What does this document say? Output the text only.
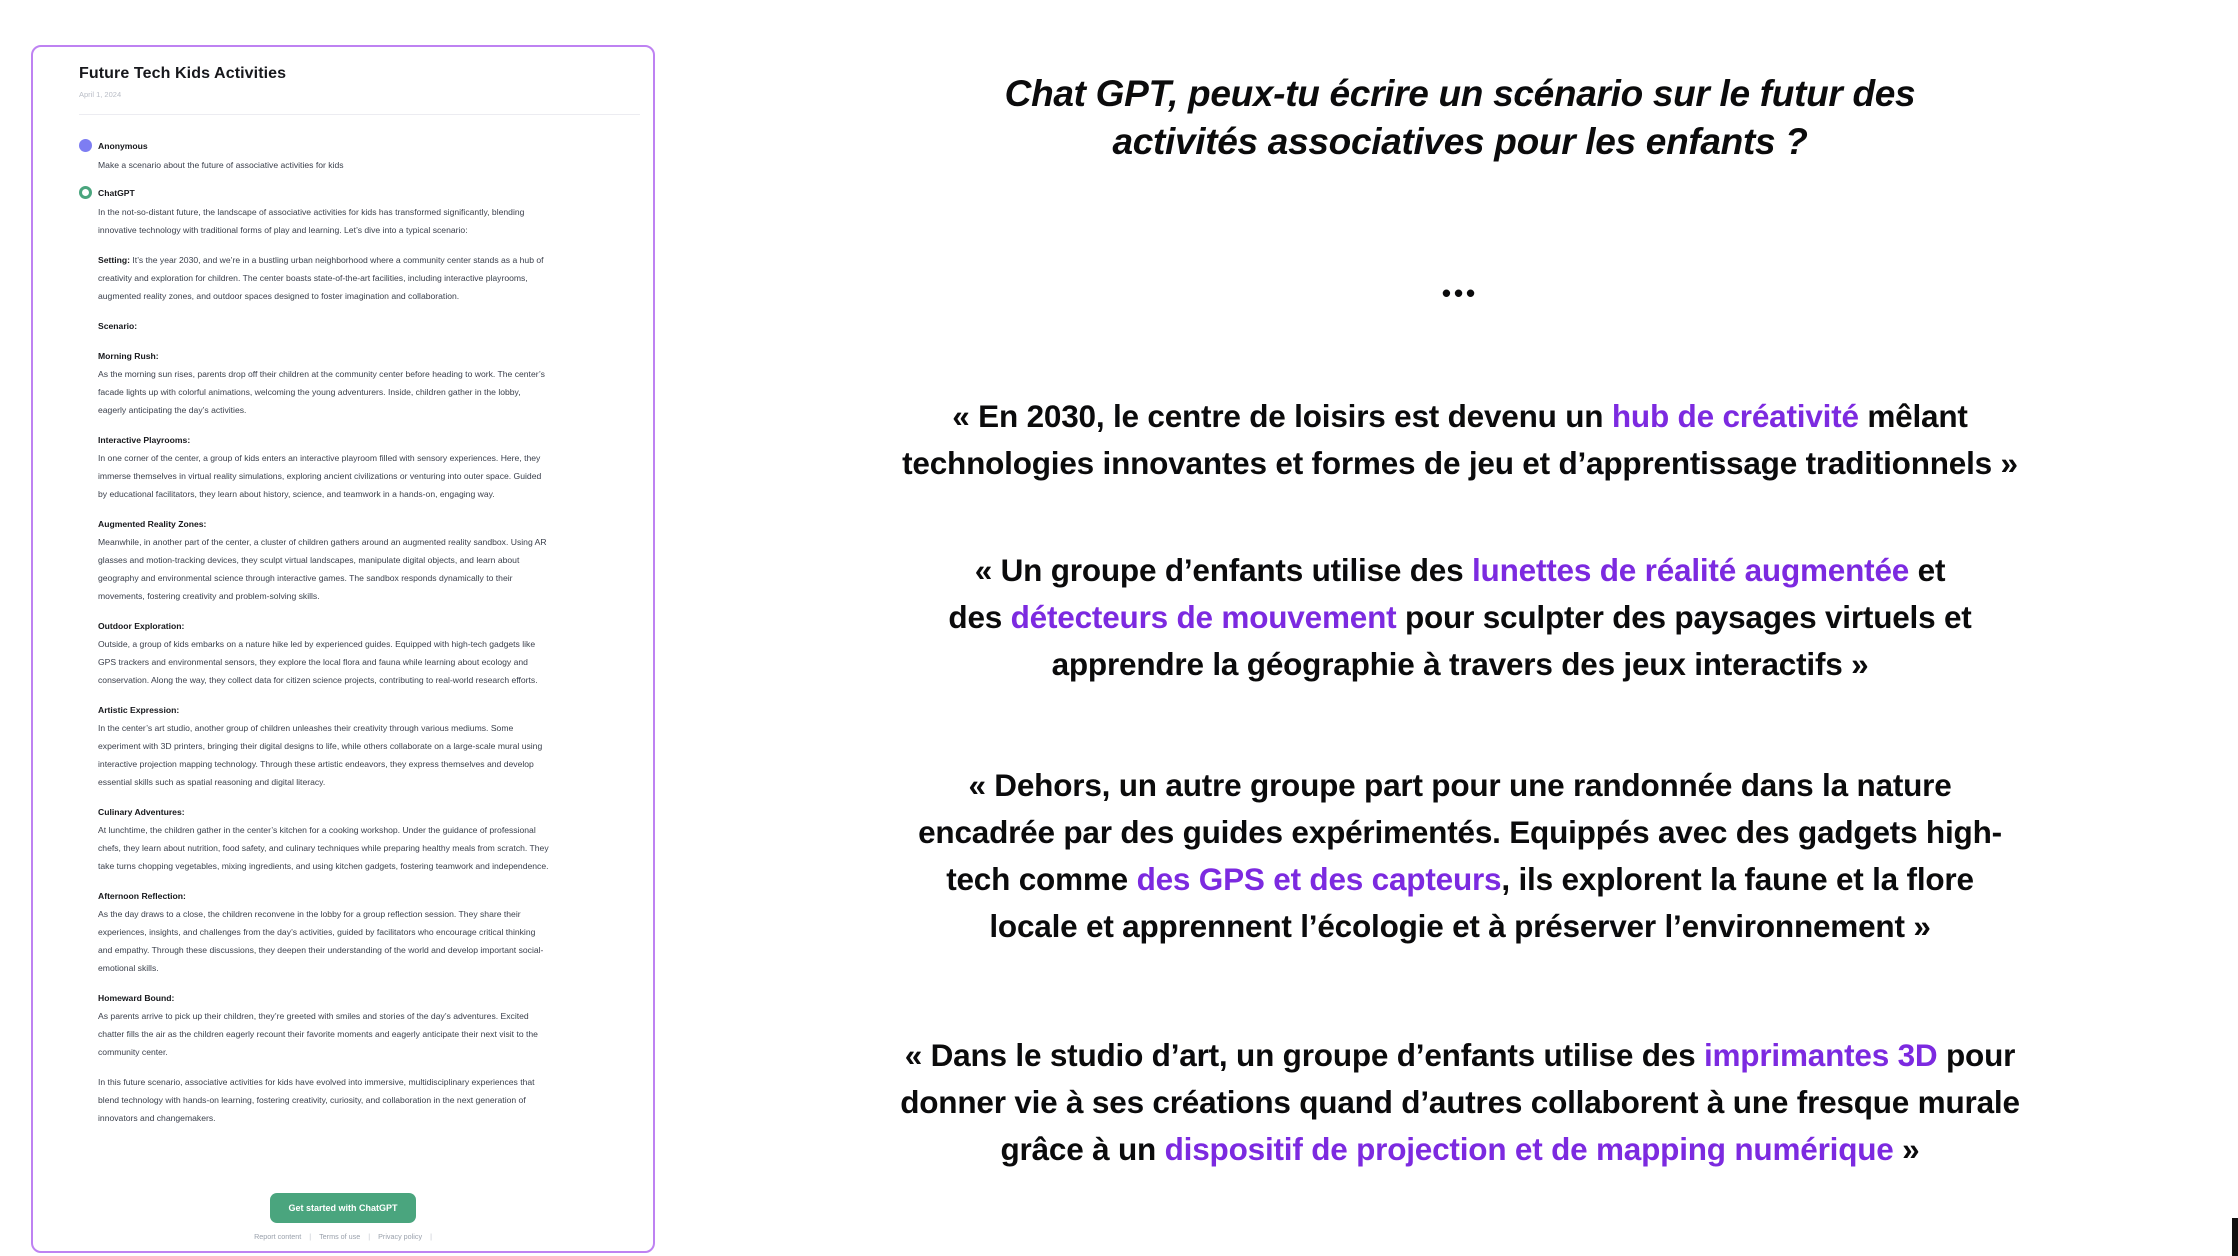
Future Tech Kids Activities
April 1, 2024
Anonymous

Make a scenario about the future of associative activities for kids

ChatGPT

In the not-so-distant future, the landscape of associative activities for kids has transformed significantly, blending innovative technology with traditional forms of play and learning. Let’s dive into a typical scenario:

Setting: It’s the year 2030, and we’re in a bustling urban neighborhood where a community center stands as a hub of creativity and exploration for children. The center boasts state-of-the-art facilities, including interactive playrooms, augmented reality zones, and outdoor spaces designed to foster imagination and collaboration.

Scenario:

Morning Rush:
As the morning sun rises, parents drop off their children at the community center before heading to work. The center’s facade lights up with colorful animations, welcoming the young adventurers. Inside, children gather in the lobby, eagerly anticipating the day’s activities.

Interactive Playrooms:
In one corner of the center, a group of kids enters an interactive playroom filled with sensory experiences. Here, they immerse themselves in virtual reality simulations, exploring ancient civilizations or venturing into outer space. Guided by educational facilitators, they learn about history, science, and teamwork in a hands-on, engaging way.

Augmented Reality Zones:
Meanwhile, in another part of the center, a cluster of children gathers around an augmented reality sandbox. Using AR glasses and motion-tracking devices, they sculpt virtual landscapes, manipulate digital objects, and learn about geography and environmental science through interactive games. The sandbox responds dynamically to their movements, fostering creativity and problem-solving skills.

Outdoor Exploration:
Outside, a group of kids embarks on a nature hike led by experienced guides. Equipped with high-tech gadgets like GPS trackers and environmental sensors, they explore the local flora and fauna while learning about ecology and conservation. Along the way, they collect data for citizen science projects, contributing to real-world research efforts.

Artistic Expression:
In the center’s art studio, another group of children unleashes their creativity through various mediums. Some experiment with 3D printers, bringing their digital designs to life, while others collaborate on a large-scale mural using interactive projection mapping technology. Through these artistic endeavors, they express themselves and develop essential skills such as spatial reasoning and digital literacy.

Culinary Adventures:
At lunchtime, the children gather in the center’s kitchen for a cooking workshop. Under the guidance of professional chefs, they learn about nutrition, food safety, and culinary techniques while preparing healthy meals from scratch. They take turns chopping vegetables, mixing ingredients, and using kitchen gadgets, fostering teamwork and independence.

Afternoon Reflection:
As the day draws to a close, the children reconvene in the lobby for a group reflection session. They share their experiences, insights, and challenges from the day’s activities, guided by facilitators who encourage critical thinking and empathy. Through these discussions, they deepen their understanding of the world and develop important social-emotional skills.

Homeward Bound:
As parents arrive to pick up their children, they’re greeted with smiles and stories of the day’s adventures. Excited chatter fills the air as the children eagerly recount their favorite moments and eagerly anticipate their next visit to the community center.

In this future scenario, associative activities for kids have evolved into immersive, multidisciplinary experiences that blend technology with hands-on learning, fostering creativity, curiosity, and collaboration in the next generation of innovators and changemakers.

Get started with ChatGPT
Report content | Terms of use | Privacy policy |
Chat GPT, peux-tu écrire un scénario sur le futur des
activités associatives pour les enfants ?
•••

« En 2030, le centre de loisirs est devenu un hub de créativité mêlant
technologies innovantes et formes de jeu et d’apprentissage traditionnels »

« Un groupe d’enfants utilise des lunettes de réalité augmentée et
des détecteurs de mouvement pour sculpter des paysages virtuels et
apprendre la géographie à travers des jeux interactifs »

« Dehors, un autre groupe part pour une randonnée dans la nature
encadrée par des guides expérimentés. Equippés avec des gadgets high-
tech comme des GPS et des capteurs, ils explorent la faune et la flore
locale et apprennent l’écologie et à préserver l’environnement »

« Dans le studio d’art, un groupe d’enfants utilise des imprimantes 3D pour
donner vie à ses créations quand d’autres collaborent à une fresque murale
grâce à un dispositif de projection et de mapping numérique »
